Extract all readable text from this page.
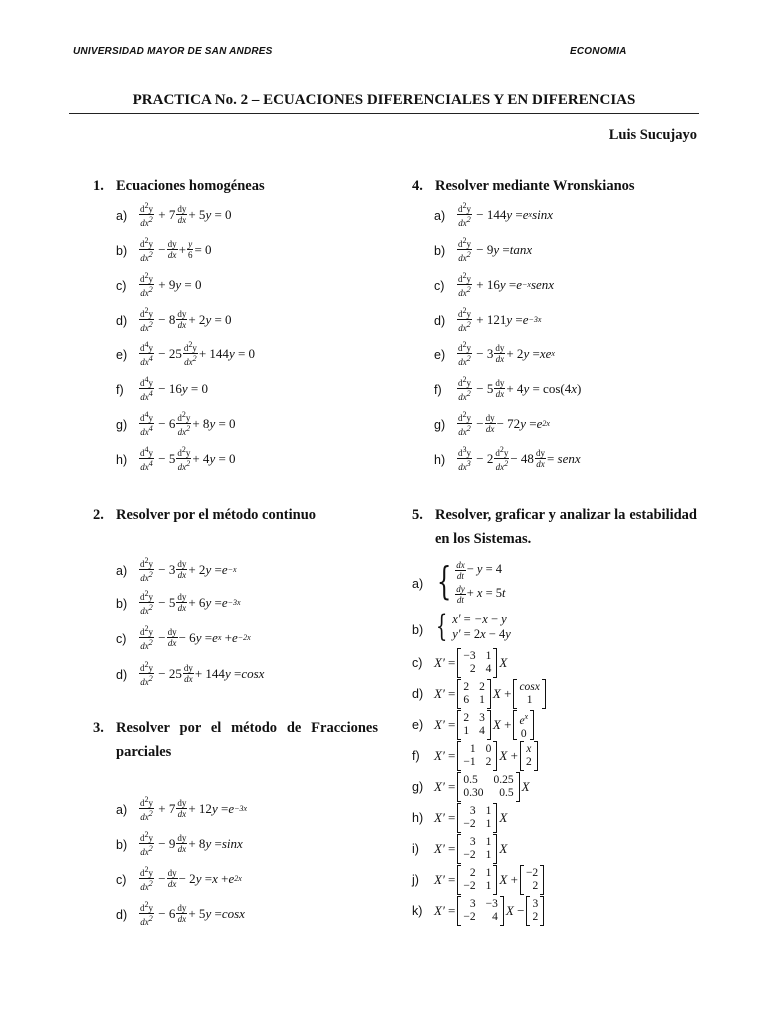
UNIVERSIDAD MAYOR DE SAN ANDRES	ECONOMIA
PRACTICA No. 2 – ECUACIONES DIFERENCIALES Y EN DIFERENCIAS
Luis Sucujayo
1. Ecuaciones homogéneas
$a) \frac{d^2y}{dx^2} + 7 \frac{dy}{dx} + 5$ y = 0
$b) \frac{d^2y}{dx^2} - \frac{dy}{dx} + \frac{y}{6} = 0$
$c) \frac{d^2y}{dx^2} + 9$ y = 0
$d) \frac{d^2y}{dx^2} - 8 \frac{dy}{dx} + 2$ y = 0
$e) \frac{d^4y}{dx^4} - 25 \frac{d^2y}{dx^2} + 144$ y = 0
$f) \frac{d^4y}{dx^4} - 16$ y = 0
$g) \frac{d^4y}{dx^4} - 6 \frac{d^2y}{dx^2} + 8$ y = 0
$h) \frac{d^4y}{dx^4} - 5 \frac{d^2y}{dx^2} + 4$ y = 0
2. Resolver por el método continuo
$a) \frac{d^2y}{dx^2} - 3 \frac{dy}{dx} + 2$ y = e −x
$b) \frac{d^2y}{dx^2} - 5 \frac{dy}{dx} + 6$ y = e −3x
$c) \frac{d^2y}{dx^2} - \frac{dy}{dx} - 6$ y = e x + e −2x
$d) \frac{d^2y}{dx^2} - 25 \frac{dy}{dx} + 144$ y = cosx
3. Resolver por el método de Fracciones parciales
$a) \frac{d^2y}{dx^2} + 7 \frac{dy}{dx} + 12$ y = e −3x
$b) \frac{d^2y}{dx^2} - 9 \frac{dy}{dx} + 8$ y = sinx
$c) \frac{d^2y}{dx^2} - \frac{dy}{dx} - 2$ y = x + e 2x
$d) \frac{d^2y}{dx^2} - 6 \frac{dy}{dx} + 5$ y = cosx
4. Resolver mediante Wronskianos
$a) \frac{d^2y}{dx^2} - 144$ y = e x sinx
$b) \frac{d^2y}{dx^2} - 9$ y = tanx
$c) \frac{d^2y}{dx^2} + 16$ y = e −x senx
$d) \frac{d^2y}{dx^2} + 121$ y = e −3x
$e) \frac{d^2y}{dx^2} - 3 \frac{dy}{dx} + 2$ y = xe x
$f) \frac{d^2y}{dx^2} - 5 \frac{dy}{dx} + 4$ y = cos(4 x )
$g) \frac{d^2y}{dx^2} - \frac{dy}{dx} - 72$ y = e 2x
$h) \frac{d^3y}{dx^3} - 2 \frac{d^2y}{dx^2} - 48 \frac{dy}{dx}$ = senx
5. Resolver, graficar y analizar la estabilidad en los Sistemas.
a) { $\frac{dx}{dt} - y = 4$
$\frac{dy}{dt} + x = 5t$
b) { x′ = −x − y
y′ = 2x − 4y
c) X′ = −3 1
2 4 X
d) X′ = 2 2
6 1 X + cosx
1
e) X′ = 2 3
1 4 $X + e^x$
0
f) X′ =	1 0
−1 2 X + x
2
g) X′ = 0.5	0.25
0.30 0.5 X
h) X′ =	3 1
−2 1 X
i) X′ =	3 1
−2 1 X
j) X′ =	2 1
−2 1 X + −2
2
k) X′ =	3 −3
−2	4 X − 3
2
